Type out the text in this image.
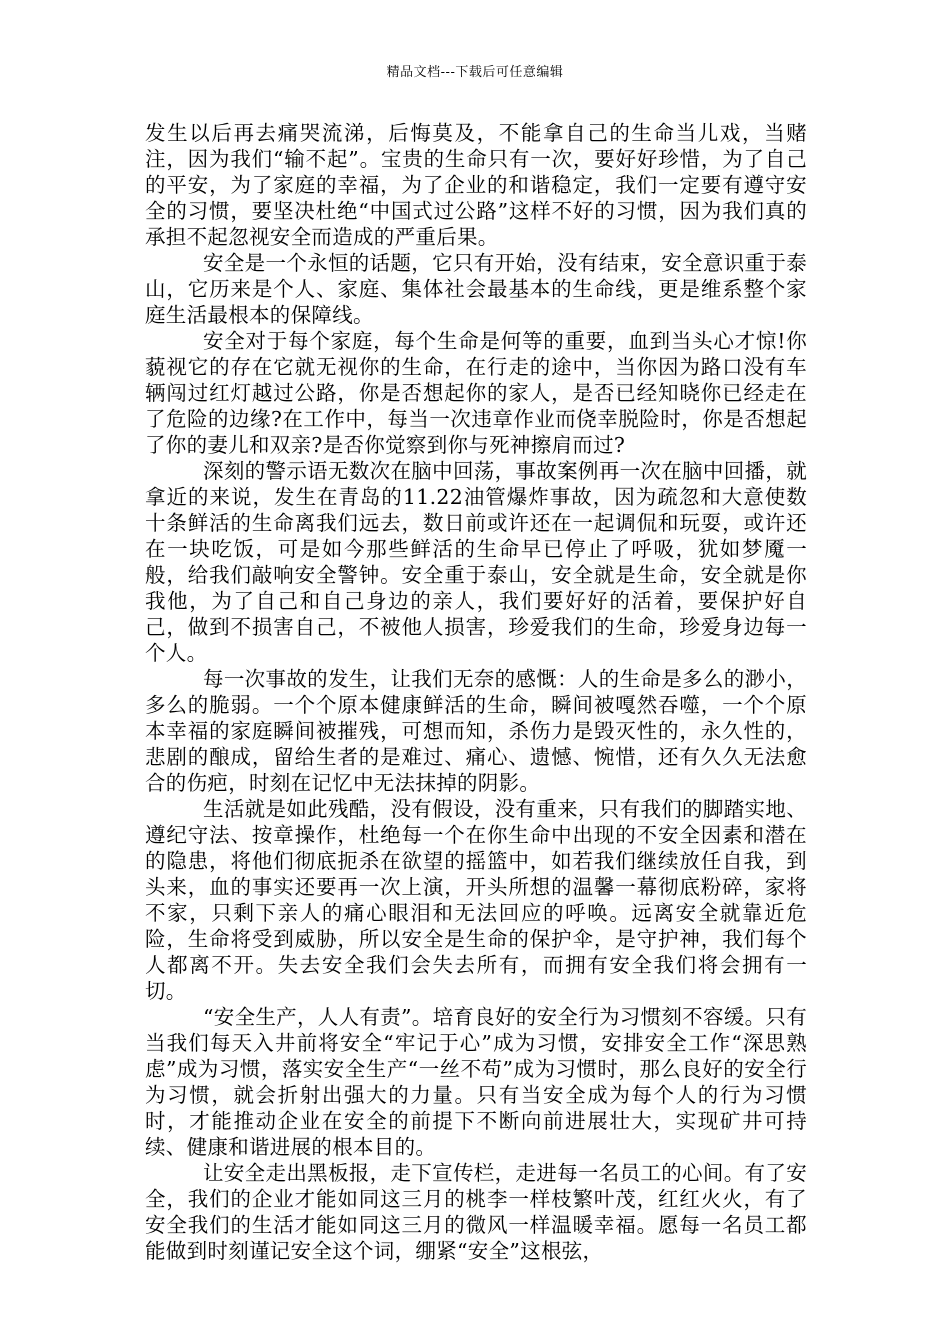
精品文档---下载后可任意编辑

发生以后再去痛哭流涕，后悔莫及，不能拿自己的生命当儿戏，当赌注，因为我们“输不起”。宝贵的生命只有一次，要好好珍惜，为了自己的平安，为了家庭的幸福，为了企业的和谐稳定，我们一定要有遵守安全的习惯，要坚决杜绝“中国式过公路”这样不好的习惯，因为我们真的承担不起忽视安全而造成的严重后果。

安全是一个永恒的话题，它只有开始，没有结束，安全意识重于泰山，它历来是个人、家庭、集体社会最基本的生命线，更是维系整个家庭生活最根本的保障线。

安全对于每个家庭，每个生命是何等的重要，血到当头心才惊!你藐视它的存在它就无视你的生命，在行走的途中，当你因为路口没有车辆闯过红灯越过公路，你是否想起你的家人，是否已经知晓你已经走在了危险的边缘?在工作中，每当一次违章作业而侥幸脱险时，你是否想起了你的妻儿和双亲?是否你觉察到你与死神擦肩而过?

深刻的警示语无数次在脑中回荡，事故案例再一次在脑中回播，就拿近的来说，发生在青岛的11.22油管爆炸事故，因为疏忽和大意使数十条鲜活的生命离我们远去，数日前或许还在一起调侃和玩耍，或许还在一块吃饭，可是如今那些鲜活的生命早已停止了呼吸，犹如梦魇一般，给我们敲响安全警钟。安全重于泰山，安全就是生命，安全就是你我他，为了自己和自己身边的亲人，我们要好好的活着，要保护好自己，做到不损害自己，不被他人损害，珍爱我们的生命，珍爱身边每一个人。

每一次事故的发生，让我们无奈的感慨：人的生命是多么的渺小，多么的脆弱。一个个原本健康鲜活的生命，瞬间被嘎然吞噬，一个个原本幸福的家庭瞬间被摧残，可想而知，杀伤力是毁灭性的，永久性的，悲剧的酿成，留给生者的是难过、痛心、遗憾、惋惜，还有久久无法愈合的伤疤，时刻在记忆中无法抹掉的阴影。

生活就是如此残酷，没有假设，没有重来，只有我们的脚踏实地、遵纪守法、按章操作，杜绝每一个在你生命中出现的不安全因素和潜在的隐患，将他们彻底扼杀在欲望的摇篮中，如若我们继续放任自我，到头来，血的事实还要再一次上演，开头所想的温馨一幕彻底粉碎，家将不家，只剩下亲人的痛心眼泪和无法回应的呼唤。远离安全就靠近危险，生命将受到威胁，所以安全是生命的保护伞，是守护神，我们每个人都离不开。失去安全我们会失去所有，而拥有安全我们将会拥有一切。

“安全生产，人人有责”。培育良好的安全行为习惯刻不容缓。只有当我们每天入井前将安全“牢记于心”成为习惯，安排安全工作“深思熟虑”成为习惯，落实安全生产“一丝不苟”成为习惯时，那么良好的安全行为习惯，就会折射出强大的力量。只有当安全成为每个人的行为习惯时，才能推动企业在安全的前提下不断向前进展壮大，实现矿井可持续、健康和谐进展的根本目的。

让安全走出黑板报，走下宣传栏，走进每一名员工的心间。有了安全，我们的企业才能如同这三月的桃李一样枝繁叶茂，红红火火，有了安全我们的生活才能如同这三月的微风一样温暖幸福。愿每一名员工都能做到时刻谨记安全这个词，绷紧“安全”这根弦，
